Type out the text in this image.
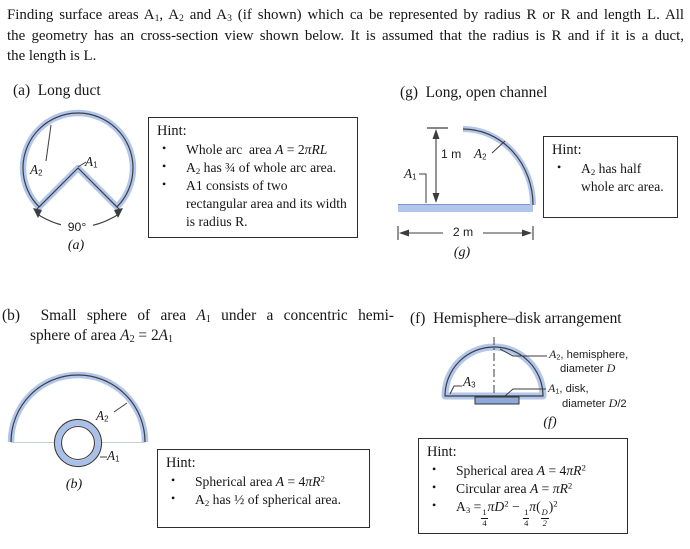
Finding surface areas $A_1$, $A_2$ and $A_3$ (if shown) which ca be represented by radius R or R and length L. All
the geometry has an cross-section view shown below. It is assumed that the radius is R and if it is a duct,
the length is L.
(a)  Long duct
$A_2$
$A_1$
90°
(a)
Hint:
•	Whole arc  area A = 2πRL
•	$A_2$ has ¾ of whole arc area.
•	A1 consists of two rectangular area and its width is radius R.
(g)  Long, open channel
1 m $A_2$
$A_1$
2 m
(g)
Hint:
•	$A_2$ has half whole arc area.
(b)  Small sphere of area $A_1$ under a concentric hemi-
sphere of area $A_2 = 2A_1$
$A_2$
$A_1$
(b)
Hint:
•	Spherical area $A = 4\pi R^2$
•	$A_2$ has ½ of spherical area.
(f)  Hemisphere–disk arrangement
$A_3$
$A_2$, hemisphere,
diameter D
$A_1$, disk,
diameter D/2
(f)
Hint:
•	Spherical area $A = 4\pi R^2$
•	Circular area $A = \pi R^2$
•	$A_3$ =
$\frac{1}{4}$
$\pi D^2$ −
$\frac{1}{4}$
π(
$\frac{D}{2}$
)$^2$
